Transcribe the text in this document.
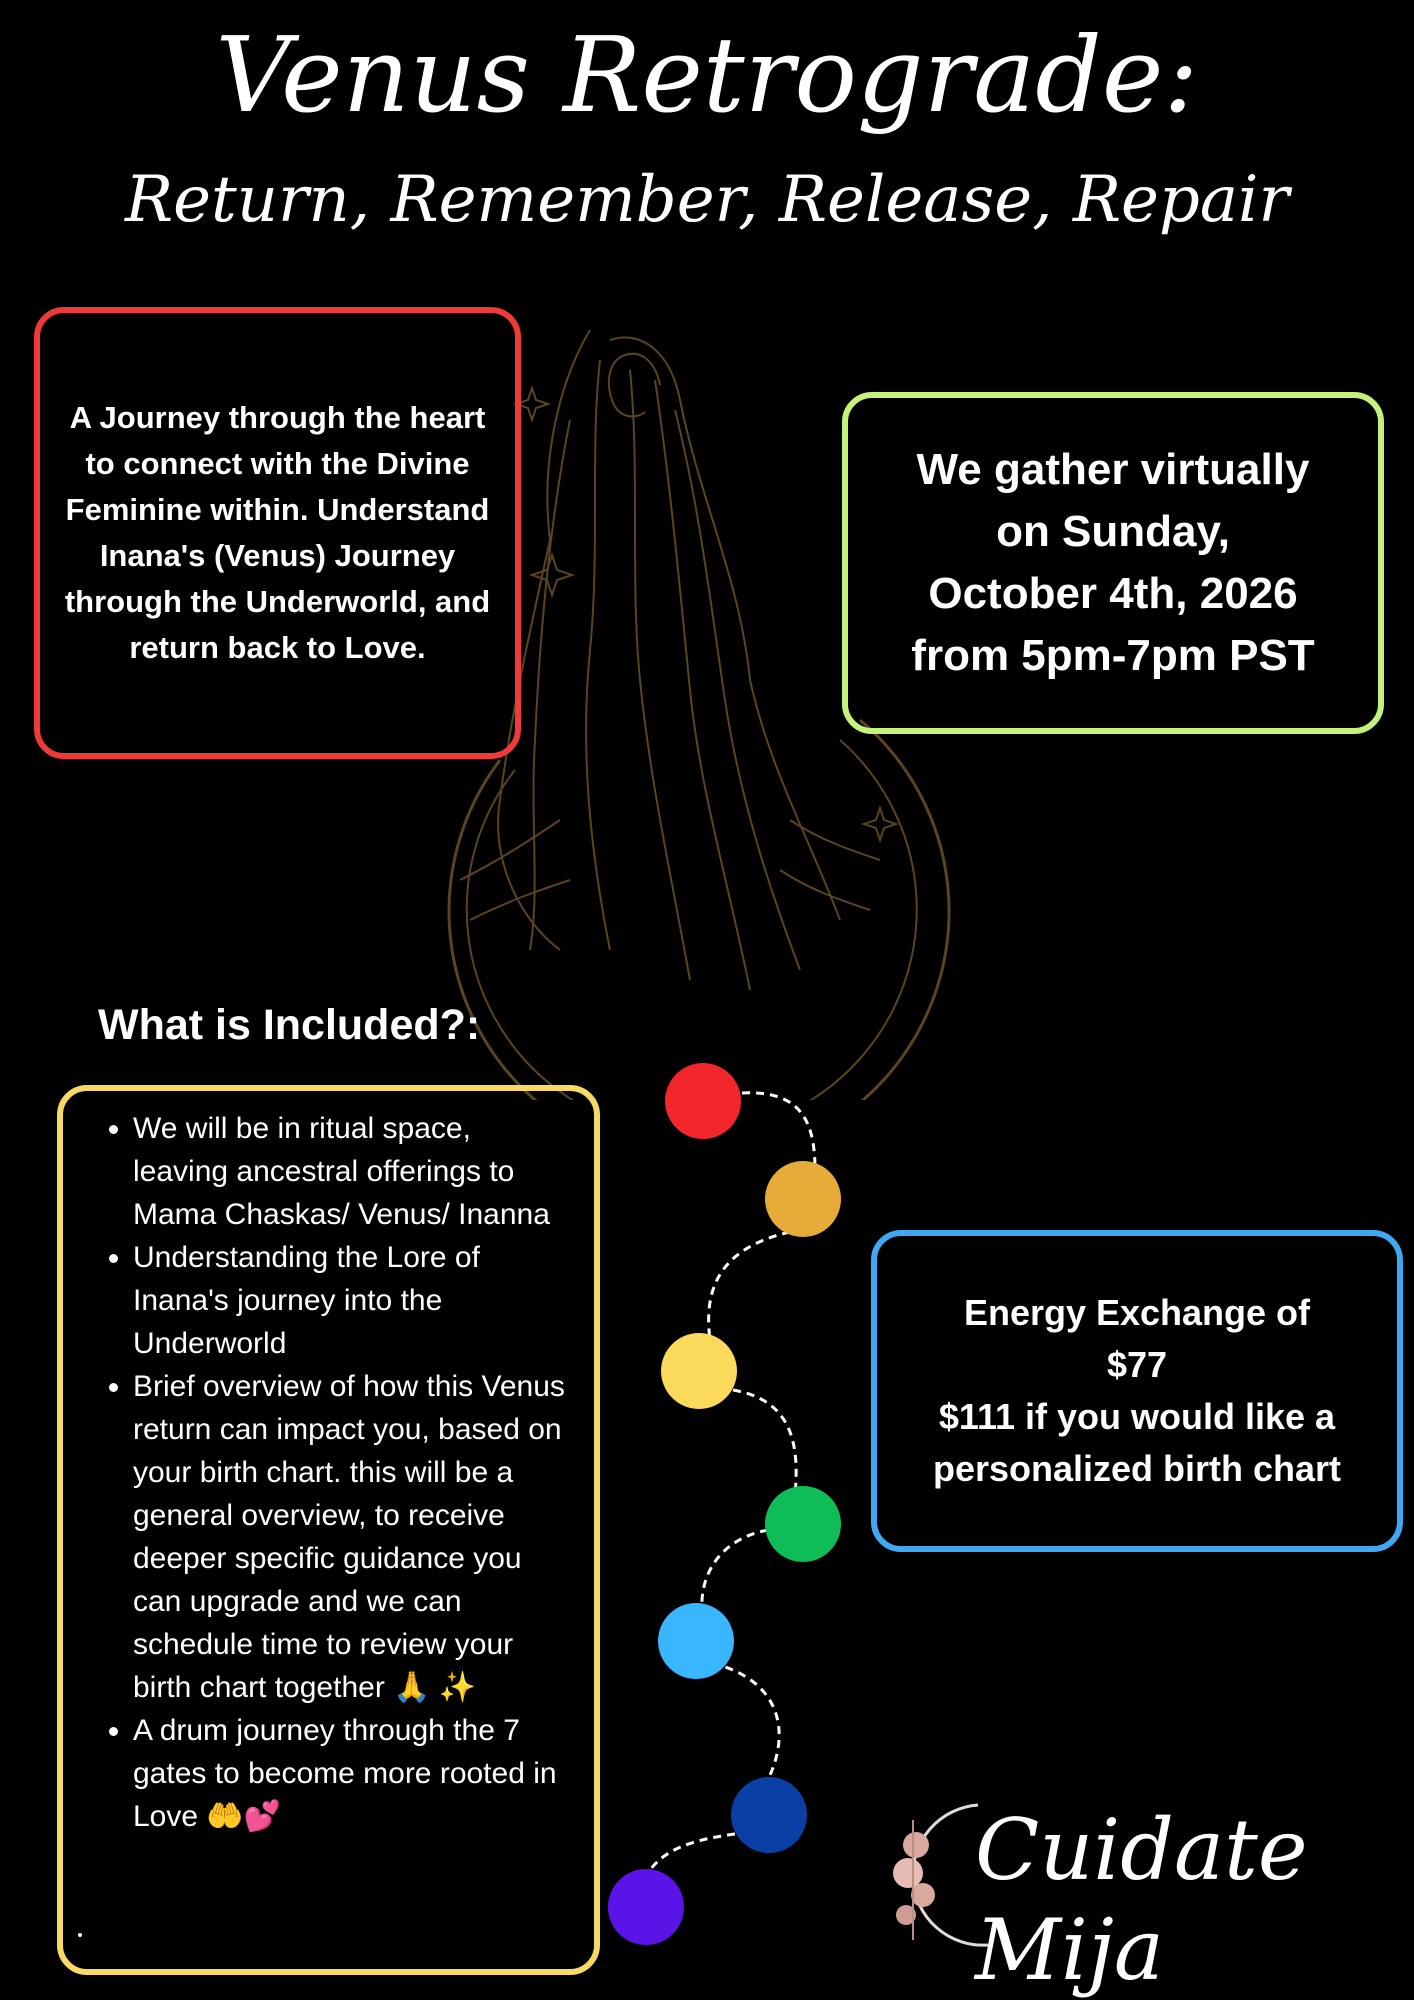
Venus Retrograde:
Return, Remember, Release, Repair
A Journey through the heart to connect with the Divine Feminine within. Understand Inana's (Venus) Journey through the Underworld, and return back to Love.
We gather virtually
on Sunday,
October 4th, 2026
from 5pm-7pm PST
What is Included?:
• We will be in ritual space, leaving ancestral offerings to Mama Chaskas/ Venus/ Inanna
• Understanding the Lore of Inana's journey into the Underworld
• Brief overview of how this Venus return can impact you, based on your birth chart. this will be a general overview, to receive deeper specific guidance you can upgrade and we can schedule time to review your birth chart together 🙏 ✨
• A drum journey through the 7 gates to become more rooted in Love 🤲💕
Energy Exchange of
$77
$111 if you would like a
personalized birth chart
Cuidate Mija
